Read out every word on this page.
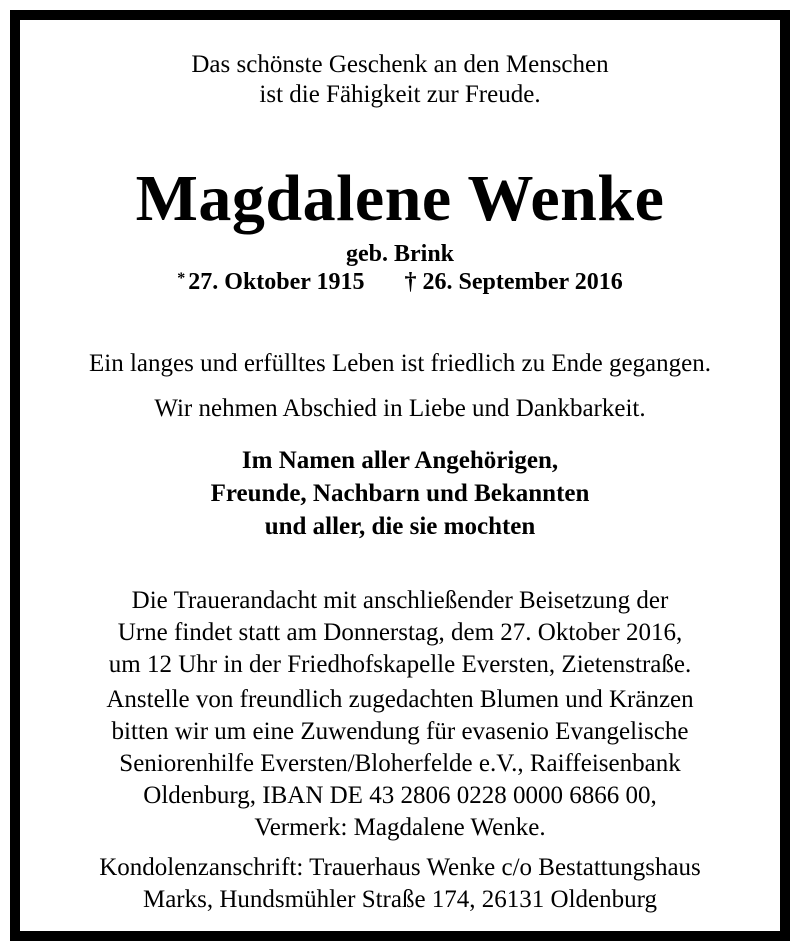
Das schönste Geschenk an den Menschen
ist die Fähigkeit zur Freude.
Magdalene Wenke
geb. Brink
* 27. Oktober 1915 † 26. September 2016
Ein langes und erfülltes Leben ist friedlich zu Ende gegangen.
Wir nehmen Abschied in Liebe und Dankbarkeit.
Im Namen aller Angehörigen,
Freunde, Nachbarn und Bekannten
und aller, die sie mochten
Die Trauerandacht mit anschließender Beisetzung der
Urne findet statt am Donnerstag, dem 27. Oktober 2016,
um 12 Uhr in der Friedhofskapelle Eversten, Zietenstraße.
Anstelle von freundlich zugedachten Blumen und Kränzen
bitten wir um eine Zuwendung für evasenio Evangelische
Seniorenhilfe Eversten/Bloherfelde e.V., Raiffeisenbank
Oldenburg, IBAN DE 43 2806 0228 0000 6866 00,
Vermerk: Magdalene Wenke.
Kondolenzanschrift: Trauerhaus Wenke c/o Bestattungshaus
Marks, Hundsmühler Straße 174, 26131 Oldenburg
